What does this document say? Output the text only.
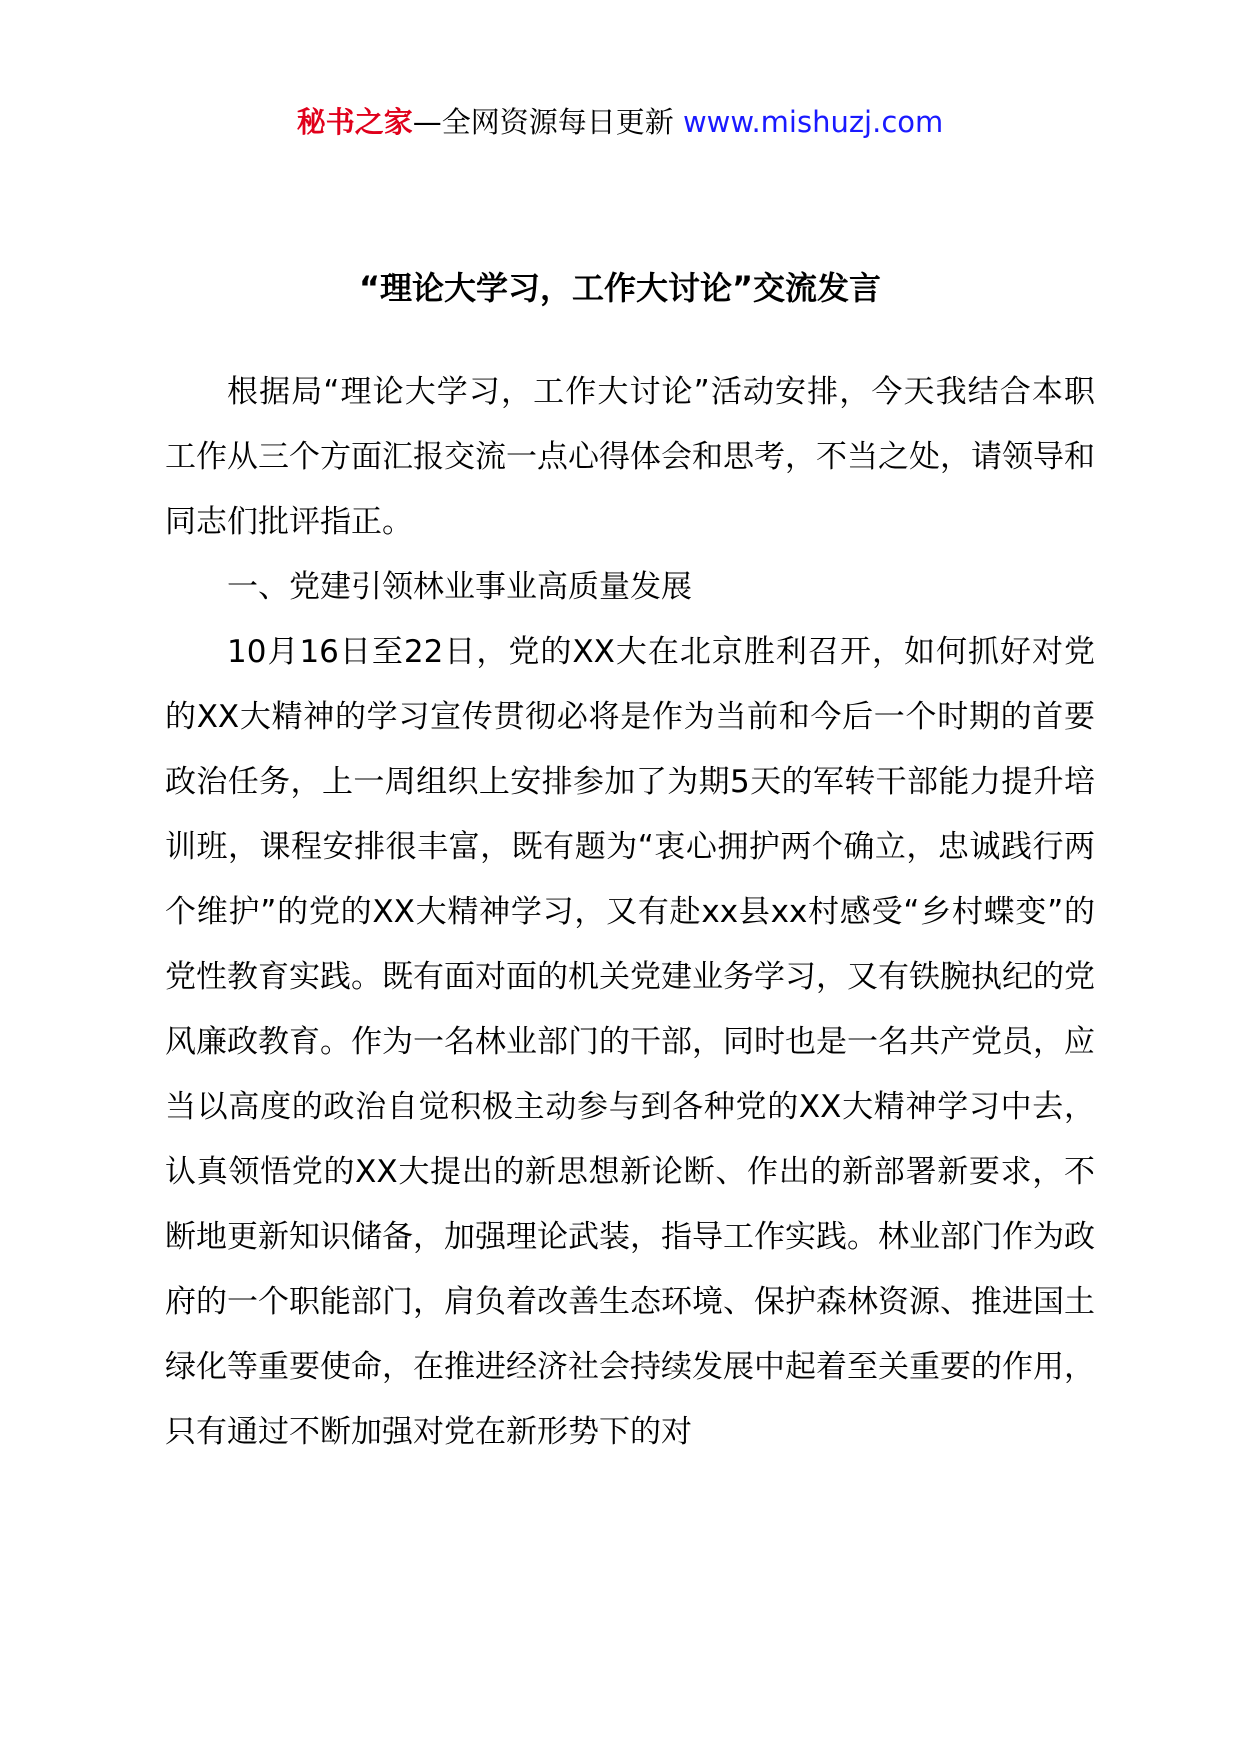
秘书之家—全网资源每日更新 www.mishuzj.com
“理论大学习，工作大讨论”交流发言

根据局“理论大学习，工作大讨论”活动安排，今天我结合本职工作从三个方面汇报交流一点心得体会和思考，不当之处，请领导和同志们批评指正。

一、党建引领林业事业高质量发展

10月16日至22日，党的XX大在北京胜利召开，如何抓好对党的XX大精神的学习宣传贯彻必将是作为当前和今后一个时期的首要政治任务，上一周组织上安排参加了为期5天的军转干部能力提升培训班，课程安排很丰富，既有题为“衷心拥护两个确立，忠诚践行两个维护”的党的XX大精神学习，又有赴xx县xx村感受“乡村蝶变”的党性教育实践。既有面对面的机关党建业务学习，又有铁腕执纪的党风廉政教育。作为一名林业部门的干部，同时也是一名共产党员，应当以高度的政治自觉积极主动参与到各种党的XX大精神学习中去，认真领悟党的XX大提出的新思想新论断、作出的新部署新要求，不断地更新知识储备，加强理论武装，指导工作实践。林业部门作为政府的一个职能部门，肩负着改善生态环境、保护森林资源、推进国土绿化等重要使命，在推进经济社会持续发展中起着至关重要的作用，只有通过不断加强对党在新形势下的对
